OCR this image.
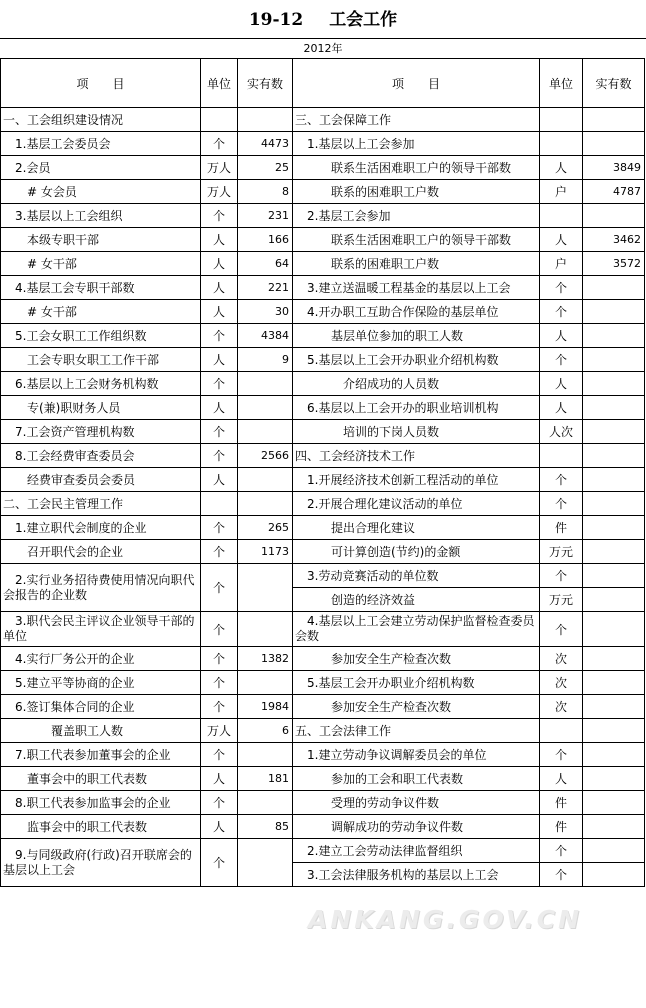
19-12 工会工作
2012年
项　　目	单位	实有数	项　　目	单位	实有数
一、工会组织建设情况			三、工会保障工作		
　1.基层工会委员会	个	4473	　1.基层以上工会参加		
　2.会员	万人	25	　　　联系生活困难职工户的领导干部数	人	3849
　　# 女会员	万人	8	　　　联系的困难职工户数	户	4787
　3.基层以上工会组织	个	231	　2.基层工会参加		
　　本级专职干部	人	166	　　　联系生活困难职工户的领导干部数	人	3462
　　# 女干部	人	64	　　　联系的困难职工户数	户	3572
　4.基层工会专职干部数	人	221	　3.建立送温暖工程基金的基层以上工会	个	
　　# 女干部	人	30	　4.开办职工互助合作保险的基层单位	个	
　5.工会女职工工作组织数	个	4384	　　　基层单位参加的职工人数	人	
　　工会专职女职工工作干部	人	9	　5.基层以上工会开办职业介绍机构数	个	
　6.基层以上工会财务机构数	个		　　　　介绍成功的人员数	人	
　　专(兼)职财务人员	人		　6.基层以上工会开办的职业培训机构	人	
　7.工会资产管理机构数	个		　　　　培训的下岗人员数	人次	
　8.工会经费审查委员会	个	2566	四、工会经济技术工作		
　　经费审查委员会委员	人		　1.开展经济技术创新工程活动的单位	个	
二、工会民主管理工作			　2.开展合理化建议活动的单位	个	
　1.建立职代会制度的企业	个	265	　　　提出合理化建议	件	
　　召开职代会的企业	个	1173	　　　可计算创造(节约)的金额	万元	
　2.实行业务招待费使用情况向职代会报告的企业数	个		　3.劳动竞赛活动的单位数	个	
			　　　创造的经济效益	万元	
　3.职代会民主评议企业领导干部的单位	个		　4.基层以上工会建立劳动保护监督检查委员会数	个	
　4.实行厂务公开的企业	个	1382	　　　参加安全生产检查次数	次	
　5.建立平等协商的企业	个		　5.基层工会开办职业介绍机构数	次	
　6.签订集体合同的企业	个	1984	　　　参加安全生产检查次数	次	
　　　　覆盖职工人数	万人	6	五、工会法律工作		
　7.职工代表参加董事会的企业	个		　1.建立劳动争议调解委员会的单位	个	
　　董事会中的职工代表数	人	181	　　　参加的工会和职工代表数	人	
　8.职工代表参加监事会的企业	个		　　　受理的劳动争议件数	件	
　　监事会中的职工代表数	人	85	　　　调解成功的劳动争议件数	件	
　9.与同级政府(行政)召开联席会的基层以上工会	个		　2.建立工会劳动法律监督组织	个	
			　3.工会法律服务机构的基层以上工会	个	
ANKANG.GOV.CN
